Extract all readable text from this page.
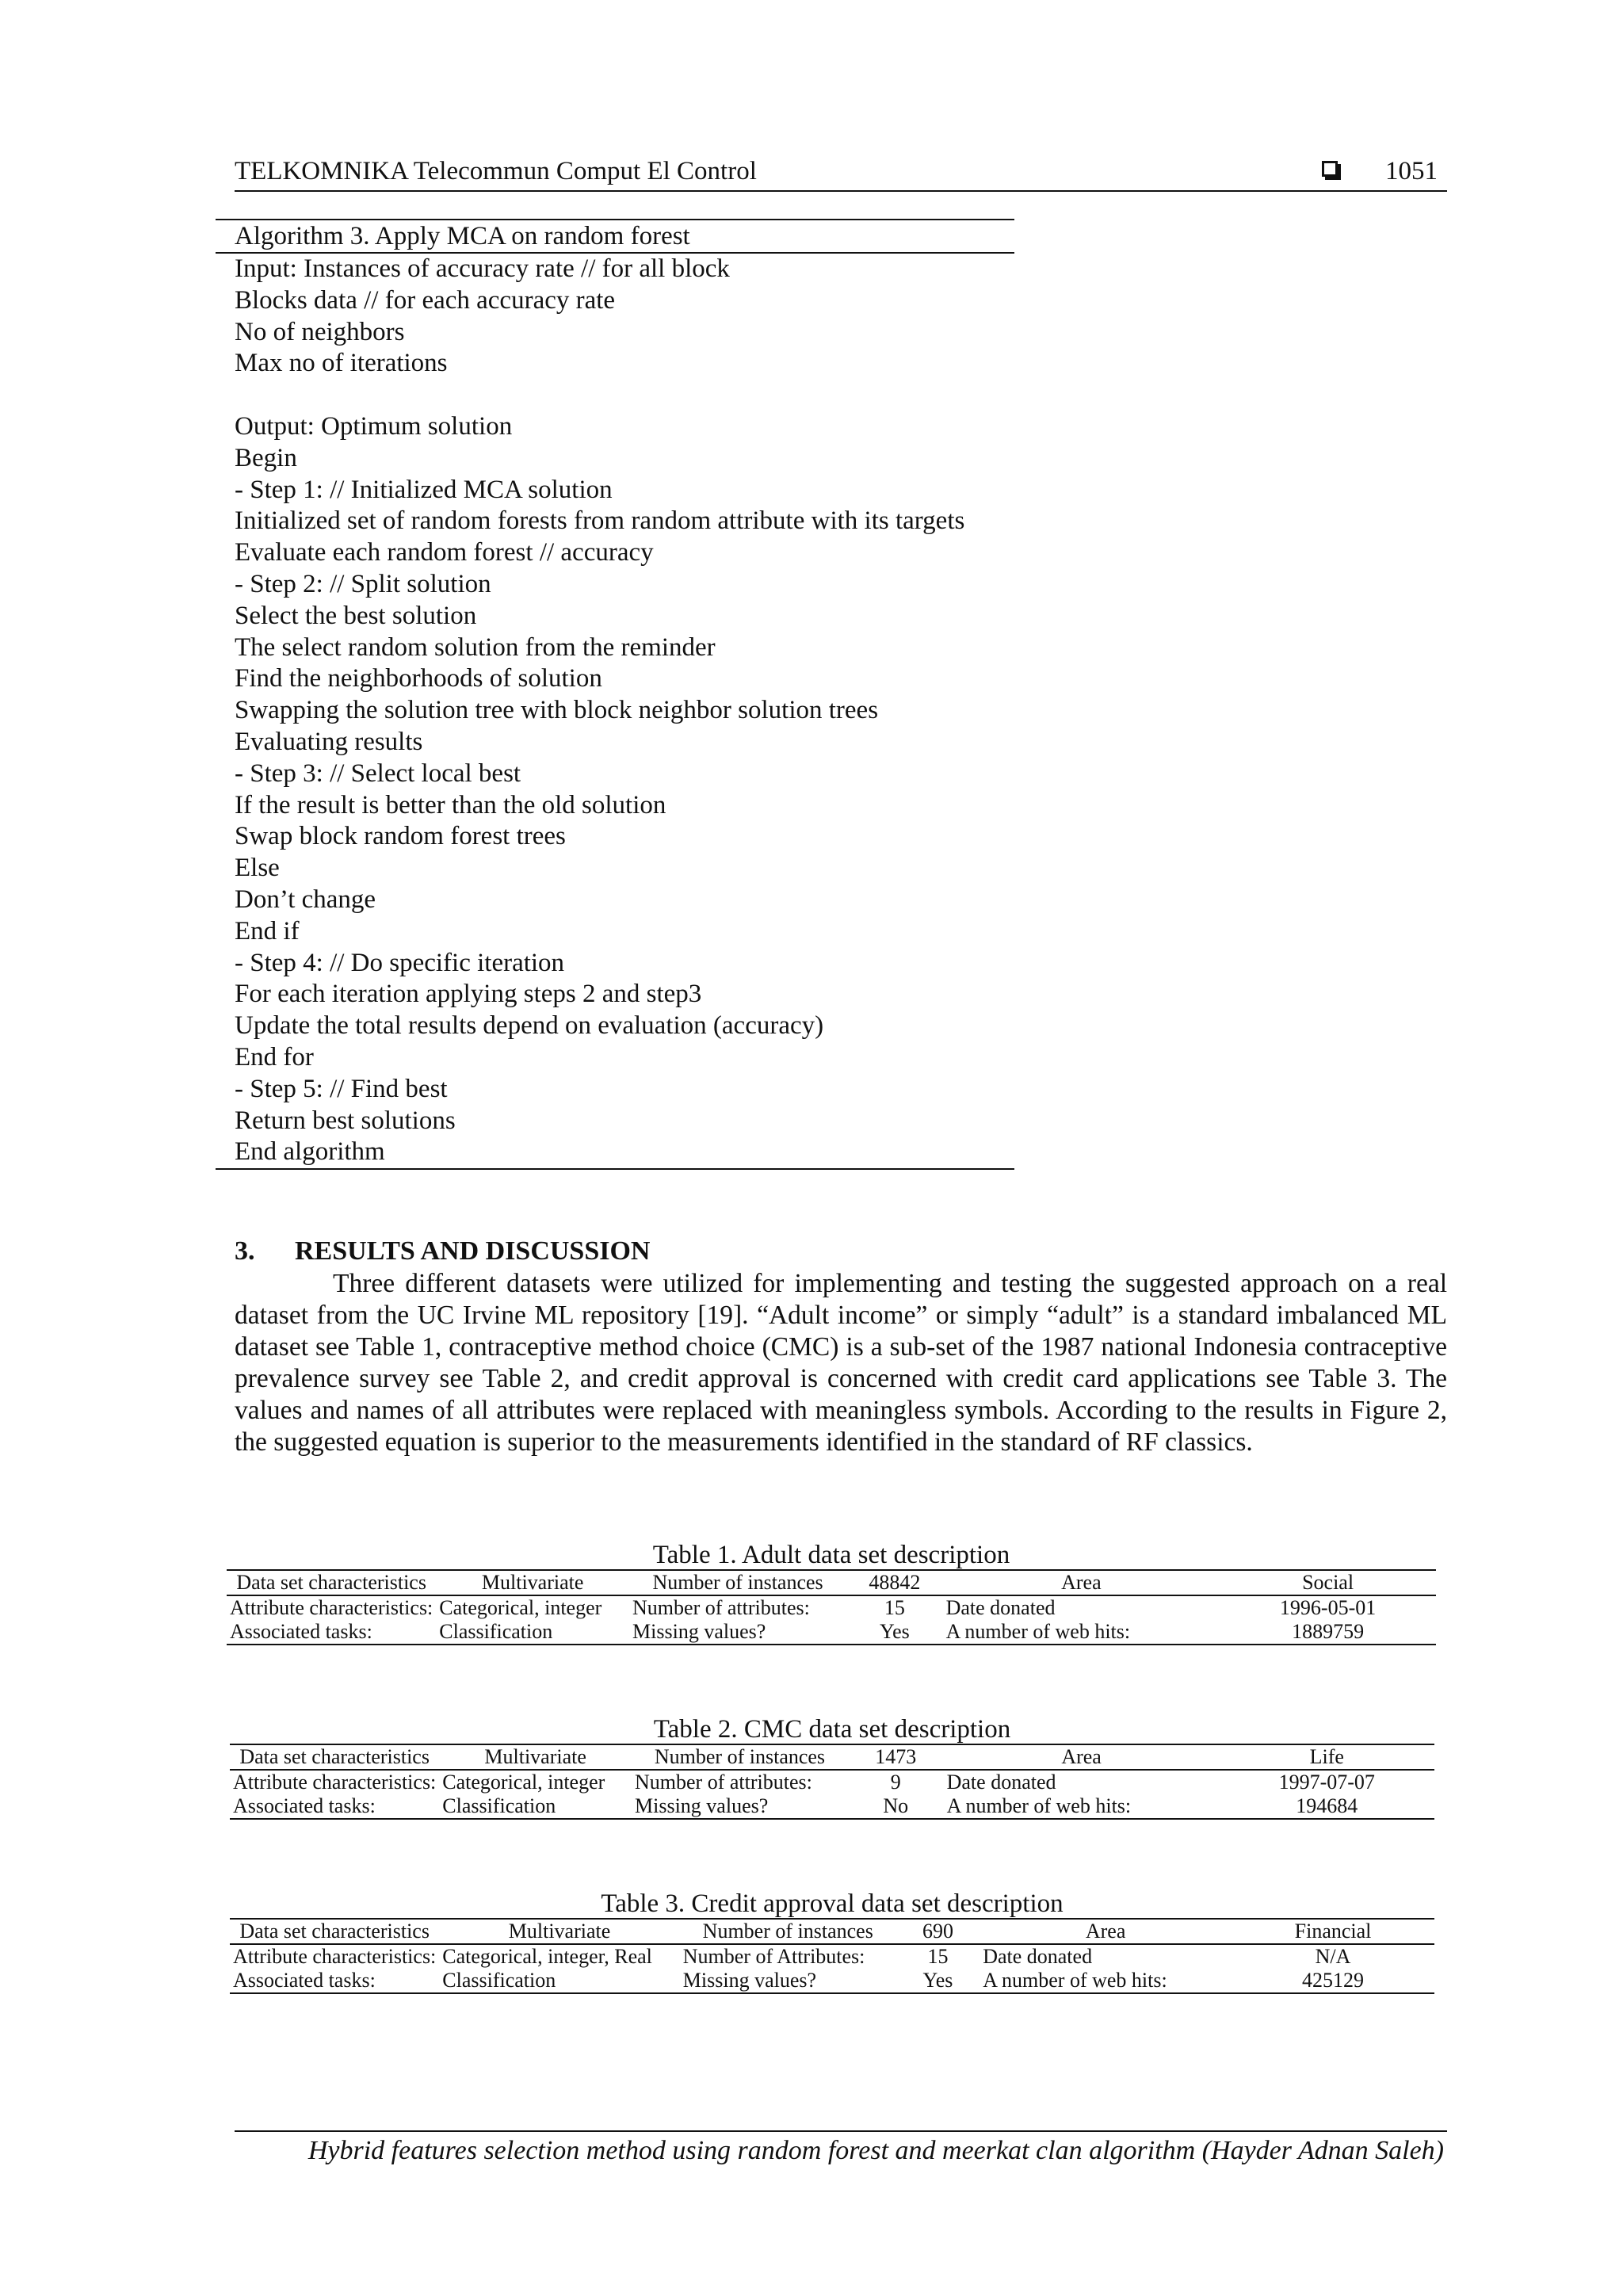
TELKOMNIKA Telecommun Comput El Control	1051
Algorithm 3. Apply MCA on random forest
Input: Instances of accuracy rate // for all block
Blocks data // for each accuracy rate
No of neighbors
Max no of iterations
Output: Optimum solution
Begin
- Step 1: // Initialized MCA solution
Initialized set of random forests from random attribute with its targets
Evaluate each random forest // accuracy
- Step 2: // Split solution
Select the best solution
The select random solution from the reminder
Find the neighborhoods of solution
Swapping the solution tree with block neighbor solution trees
Evaluating results
- Step 3: // Select local best
If the result is better than the old solution
Swap block random forest trees
Else
Don’t change
End if
- Step 4: // Do specific iteration
For each iteration applying steps 2 and step3
Update the total results depend on evaluation (accuracy)
End for
- Step 5: // Find best
Return best solutions
End algorithm
3. RESULTS AND DISCUSSION

Three different datasets were utilized for implementing and testing the suggested approach on a real dataset from the UC Irvine ML repository [19]. “Adult income” or simply “adult” is a standard imbalanced ML dataset see Table 1, contraceptive method choice (CMC) is a sub-set of the 1987 national Indonesia contraceptive prevalence survey see Table 2, and credit approval is concerned with credit card applications see Table 3. The values and names of all attributes were replaced with meaningless symbols. According to the results in Figure 2, the suggested equation is superior to the measurements identified in the standard of RF classics.

Table 1. Adult data set description
Data set characteristics	Multivariate	Number of instances	48842	Area	Social
Attribute characteristics:	Categorical, integer	Number of attributes:	15	Date donated	1996-05-01
Associated tasks:	Classification	Missing values?	Yes	A number of web hits:	1889759
Table 2. CMC data set description
Data set characteristics	Multivariate	Number of instances	1473	Area	Life
Attribute characteristics:	Categorical, integer	Number of attributes:	9	Date donated	1997-07-07
Associated tasks:	Classification	Missing values?	No	A number of web hits:	194684
Table 3. Credit approval data set description
Data set characteristics	Multivariate	Number of instances	690	Area	Financial
Attribute characteristics:	Categorical, integer, Real	Number of Attributes:	15	Date donated	N/A
Associated tasks:	Classification	Missing values?	Yes	A number of web hits:	425129
Hybrid features selection method using random forest and meerkat clan algorithm (Hayder Adnan Saleh)
